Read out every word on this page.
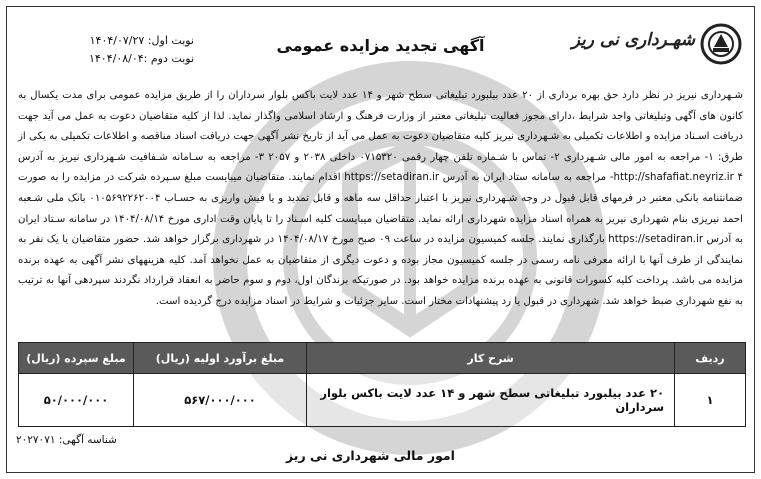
شهـرداری نی ریز
آگهی تجدید مزایده عمومی
نوبت اول: ۱۴۰۴/۰۷/۲۷
نوبت دوم :۱۴۰۴/۰۸/۰۴
شـهرداری نیریز در نظر دارد حق بهره برداری از ۲۰ عدد بیلبورد تبلیغاتی سطح شهر و ۱۴ عدد لایت باکس بلوار سرداران را از طریق مزایده عمومی برای مدت یکسال به کانون های آگهی وتبلیغاتی واجد شرایط ،دارای مجوز فعالیت تبلیغاتی معتبر از وزارت فرهنگ و ارشاد اسلامی واگذار نماید. لذا از کلیه متقاضیان دعوت به عمل می آید جهت دریافت اسـناد مزایده و اطلاعات تکمیلی به شـهرداری نیریز کلیه متقاضیان دعوت به عمل می آید از تاریخ نشر آگهی جهت دریافت اسناد مناقصه و اطلاعات تکمیلی به یکی از طرق: ۱- مراجعه به امور مالی شـهرداری ۲- تماس با شـماره تلفن چهار رقمی ۰۷۱۵۳۲۰ داخلی ۲۰۳۸ و ۲۰۵۷ ۳- مراجعه به سـامانه شـفافیت شـهرداری نیریز به آدرس http://shafafiat.neyriz.ir ۴- مراجعه به سامانه ستاد ایران به آدرس https://setadiran.ir اقدام نمایند. متقاضیان میبایست مبلغ سـپرده شرکت در مزایده را به صورت ضمانتنامه بانکی معتبر در فرمهای قابل قبول در وجه شـهرداری نیریز با اعتبار حداقل سه ماهه و قابل تمدید و یا فیش واریزی به حسـاب ۰۱۰۵۶۹۲۲۶۲۰۰۴ بانک ملی شـعبه احمد نیریزی بنام شهرداری نیریز به همراه اسناد مزایده شهرداری ارائه نماید. متقاضیان میبایست کلیه اسـناد را تا پایان وقت اداری مورخ ۱۴۰۴/۰۸/۱۴ در سامانه سـتاد ایران به آدرس https://setadiran.ir بارگذاری نمایند. جلسه کمیسیون مزایده در ساعت ۰۹ صبح مورخ ۱۴۰۴/۰۸/۱۷ در شهرداری برگزار خواهد شد. حضور متقاضیان یا یک نفر به نمایندگی از طرف آنها با ارائه معرفی نامه رسمی در جلسه کمیسیون مجاز بوده و دعوت دیگری از متقاضیان به عمل نخواهد آمد. کلیه هزینههای نشر آگهی به عهده برنده مزایده می باشد. پرداخت کلیه کسورات قانونی به عهده برنده مزایده خواهد بود. در صورتیکه برندگان اول، دوم و سوم حاضر به انعقاد قرارداد نگردند سپردهی آنها به ترتیب به نفع شهرداری ضبط خواهد شد. شهرداری در قبول یا رد پیشنهادات مختار است. سایر جزئیات و شرایط در اسناد مزایده درج گردیده است.
ردیف	شرح کار	مبلغ برآورد اولیه (ریال)	مبلغ سپرده (ریال)
۱	۲۰ عدد بیلبورد تبلیغاتی سطح شهر و ۱۴ عدد لایت باکس بلوار سرداران	۵۶۷/۰۰۰/۰۰۰	۵۰/۰۰۰/۰۰۰
شناسه آگهی: ۲۰۲۷۰۷۱
امور مالی شهرداری نی ریز
